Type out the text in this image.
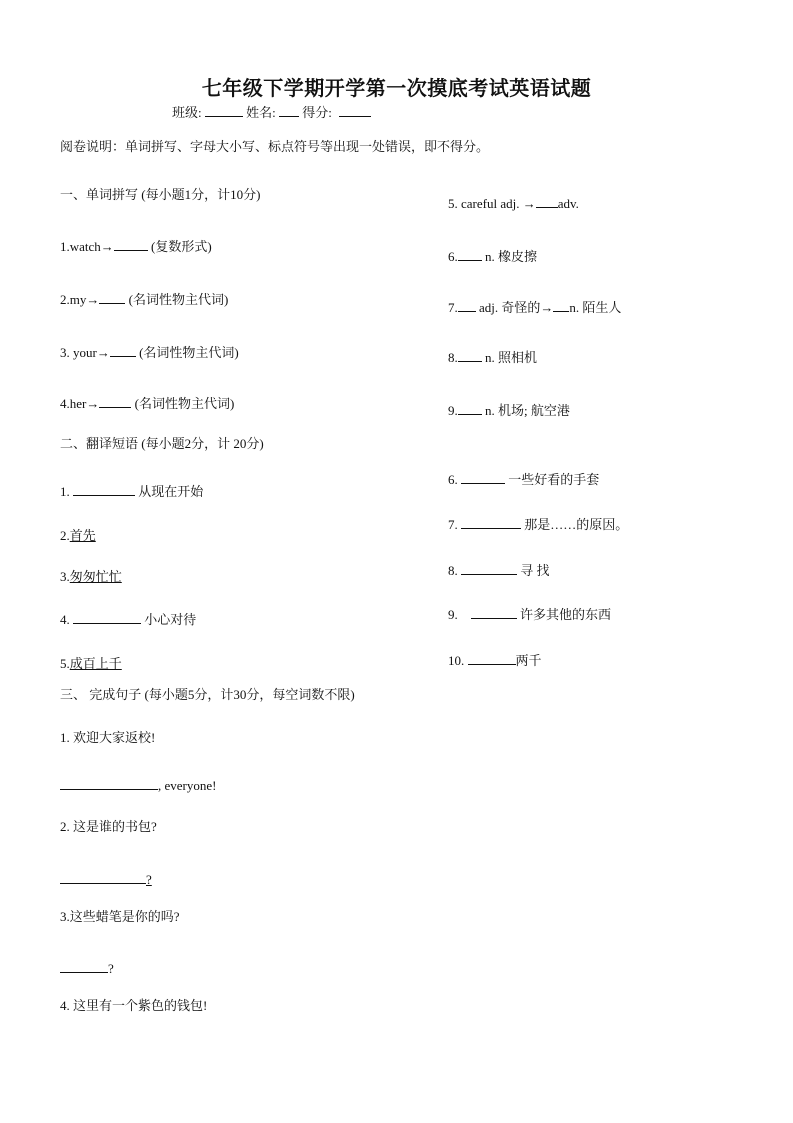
七年级下学期开学第一次摸底考试英语试题
班级:	姓名: 得分:
阅卷说明：单词拼写、字母大小写、标点符号等出现一处错误，即不得分。
一、单词拼写 (每小题1分，计10分)
1.watch→	(复数形式)
2.my→ (名词性物主代词)
3. your→ (名词性物主代词)
4.her→ (名词性物主代词)
5. careful adj. → adv.
6. n. 橡皮擦
7. adj. 奇怪的→ n. 陌生人
8. n. 照相机
9. n. 机场; 航空港
二、翻译短语 (每小题2分，计 20分)
1.	从现在开始
2.首先
3.匆匆忙忙
4.	小心对待
5.成百上千
6.	一些好看的手套
7.	那是……的原因。
8.	寻 找
9.	许多其他的东西
10.	两千
三、 完成句子 (每小题5分，计30分，每空词数不限)
1. 欢迎大家返校!
, everyone!
2. 这是谁的书包?
?
3.这些蜡笔是你的吗?
?
4. 这里有一个紫色的钱包!
